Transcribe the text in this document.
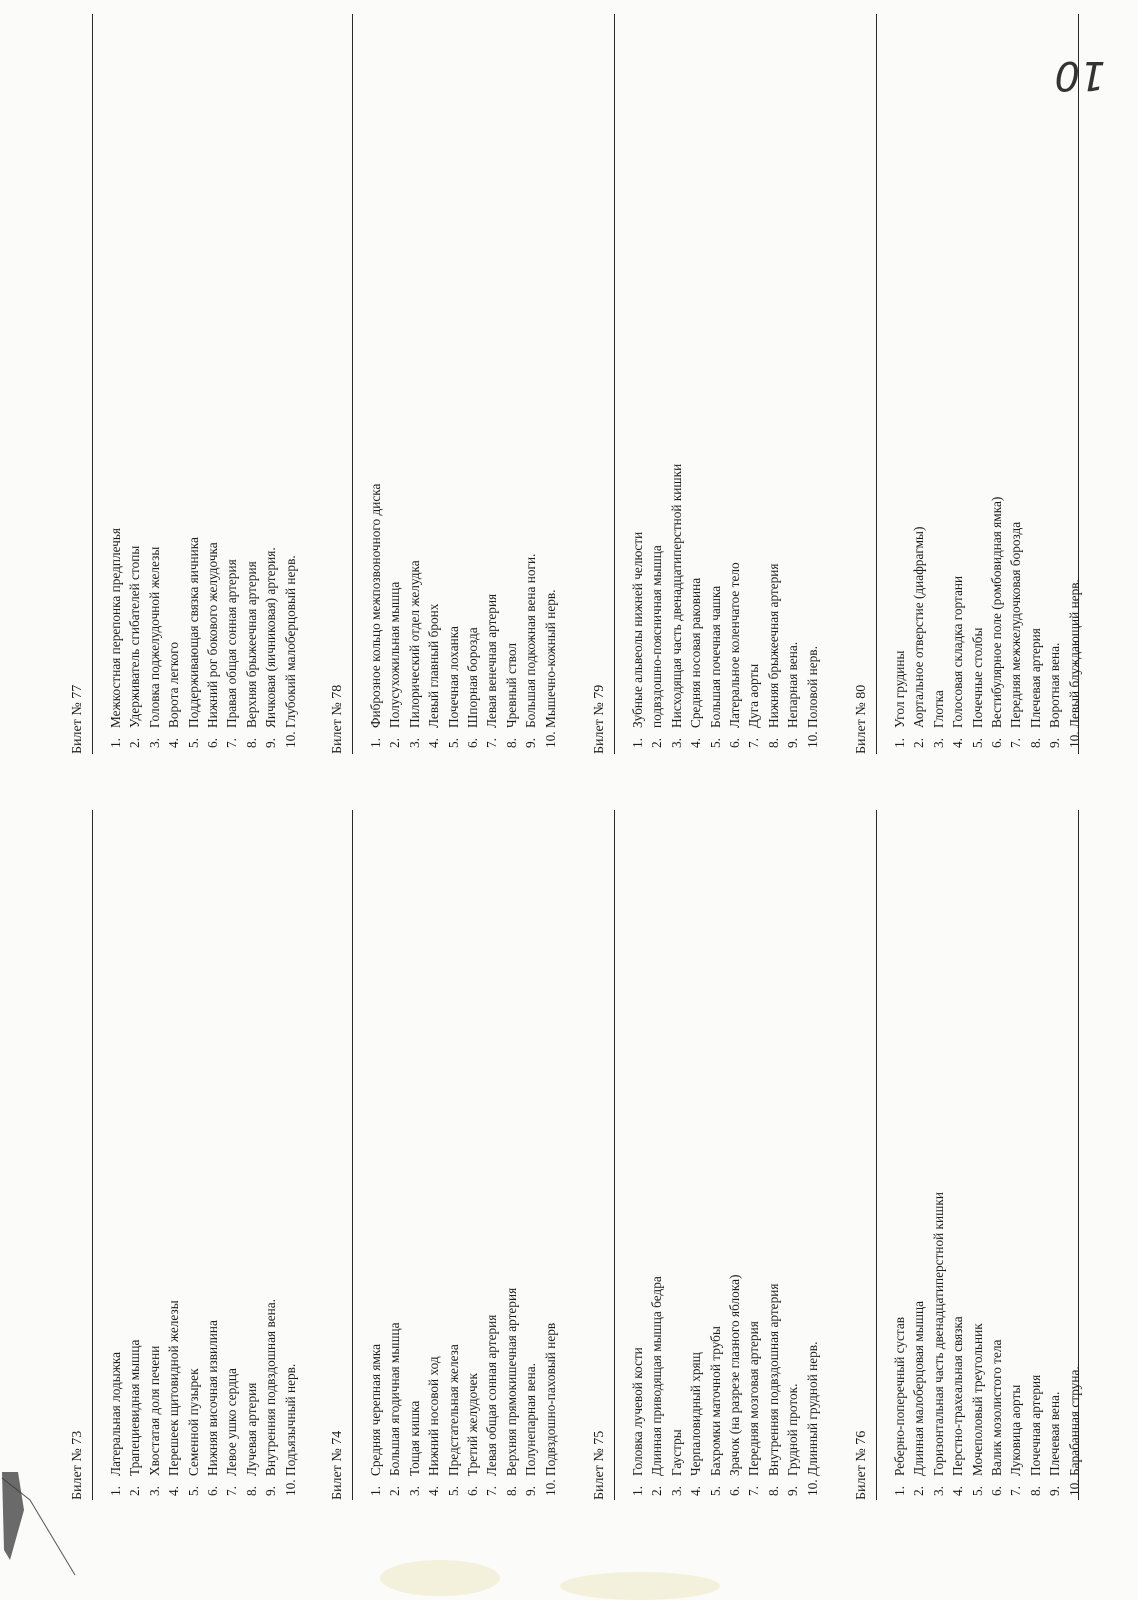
10
Билет № 73 1.
Латеральная лодыжка
2.
Трапециевидная мышца
3.
Хвостатая доля печени
4.
Перешеек щитовидной железы
5.
Семенной пузырек
6.
Нижняя височная извилина
7.
Левое ушко сердца
8.
Лучевая артерия
9.
Внутренняя подвздошная вена.
10.
Подъязычный нерв. Билет № 74 1.
Средняя черепная ямка
2.
Большая ягодичная мышца
3.
Тощая кишка
4.
Нижний носовой ход
5.
Предстательная железа
6.
Третий желудочек
7.
Левая общая сонная артерия
8.
Верхняя прямокишечная артерия
9.
Полунепарная вена.
10.
Подвздошно-паховый нерв Билет № 75 1.
Головка лучевой кости
2.
Длинная приводящая мышца бедра
3.
Гаустры
4.
Черпаловидный хрящ
5.
Бахромки маточной трубы
6.
Зрачок (на разрезе глазного яблока)
7.
Передняя мозговая артерия
8.
Внутренняя подвздошная артерия
9.
Грудной проток.
10.
Длинный грудной нерв. Билет № 76 1.
Реберно-поперечный сустав
2.
Длинная малоберцовая мышца
3.
Горизонтальная часть двенадцатиперстной кишки
4.
Перстно-трахеальная связка
5.
Мочеполовый треугольник
6.
Валик мозолистого тела
7.
Луковица аорты
8.
Почечная артерия
9.
Плечевая вена.
10.
Барабанная струна.
Билет № 77 1.
Межкостная перепонка предплечья
2.
Удерживатель сгибателей стопы
3.
Головка поджелудочной железы
4.
Ворота легкого
5.
Поддерживающая связка яичника
6.
Нижний рог бокового желудочка
7.
Правая общая сонная артерия
8.
Верхняя брыжеечная артерия
9.
Яичковая (яичниковая) артерия.
10.
Глубокий малоберцовый нерв. Билет № 78 1.
Фиброзное кольцо межпозвоночного диска
2.
Полусухожильная мышца
3.
Пилорический отдел желудка
4.
Левый главный бронх
5.
Почечная лоханка
6.
Шпорная борозда
7.
Левая венечная артерия
8.
Чревный ствол
9.
Большая подкожная вена ноги.
10.
Мышечно-кожный нерв. Билет № 79 1.
Зубные альвеолы нижней челюсти
2.
подвздошно-поясничная мышца
3.
Нисходящая часть двенадцатиперстной кишки
4.
Средняя носовая раковина
5.
Большая почечная чашка
6.
Латеральное коленчатое тело
7.
Дуга аорты
8.
Нижняя брыжеечная артерия
9.
Непарная вена.
10.
Половой нерв. Билет № 80 1.
Угол грудины
2.
Аортальное отверстие (диафрагмы)
3.
Глотка
4.
Голосовая складка гортани
5.
Почечные столбы
6.
Вестибулярное поле (ромбовидная ямка)
7.
Передняя межжелудочковая борозда
8.
Плечевая артерия
9.
Воротная вена.
10.
Левый блуждающий нерв.
